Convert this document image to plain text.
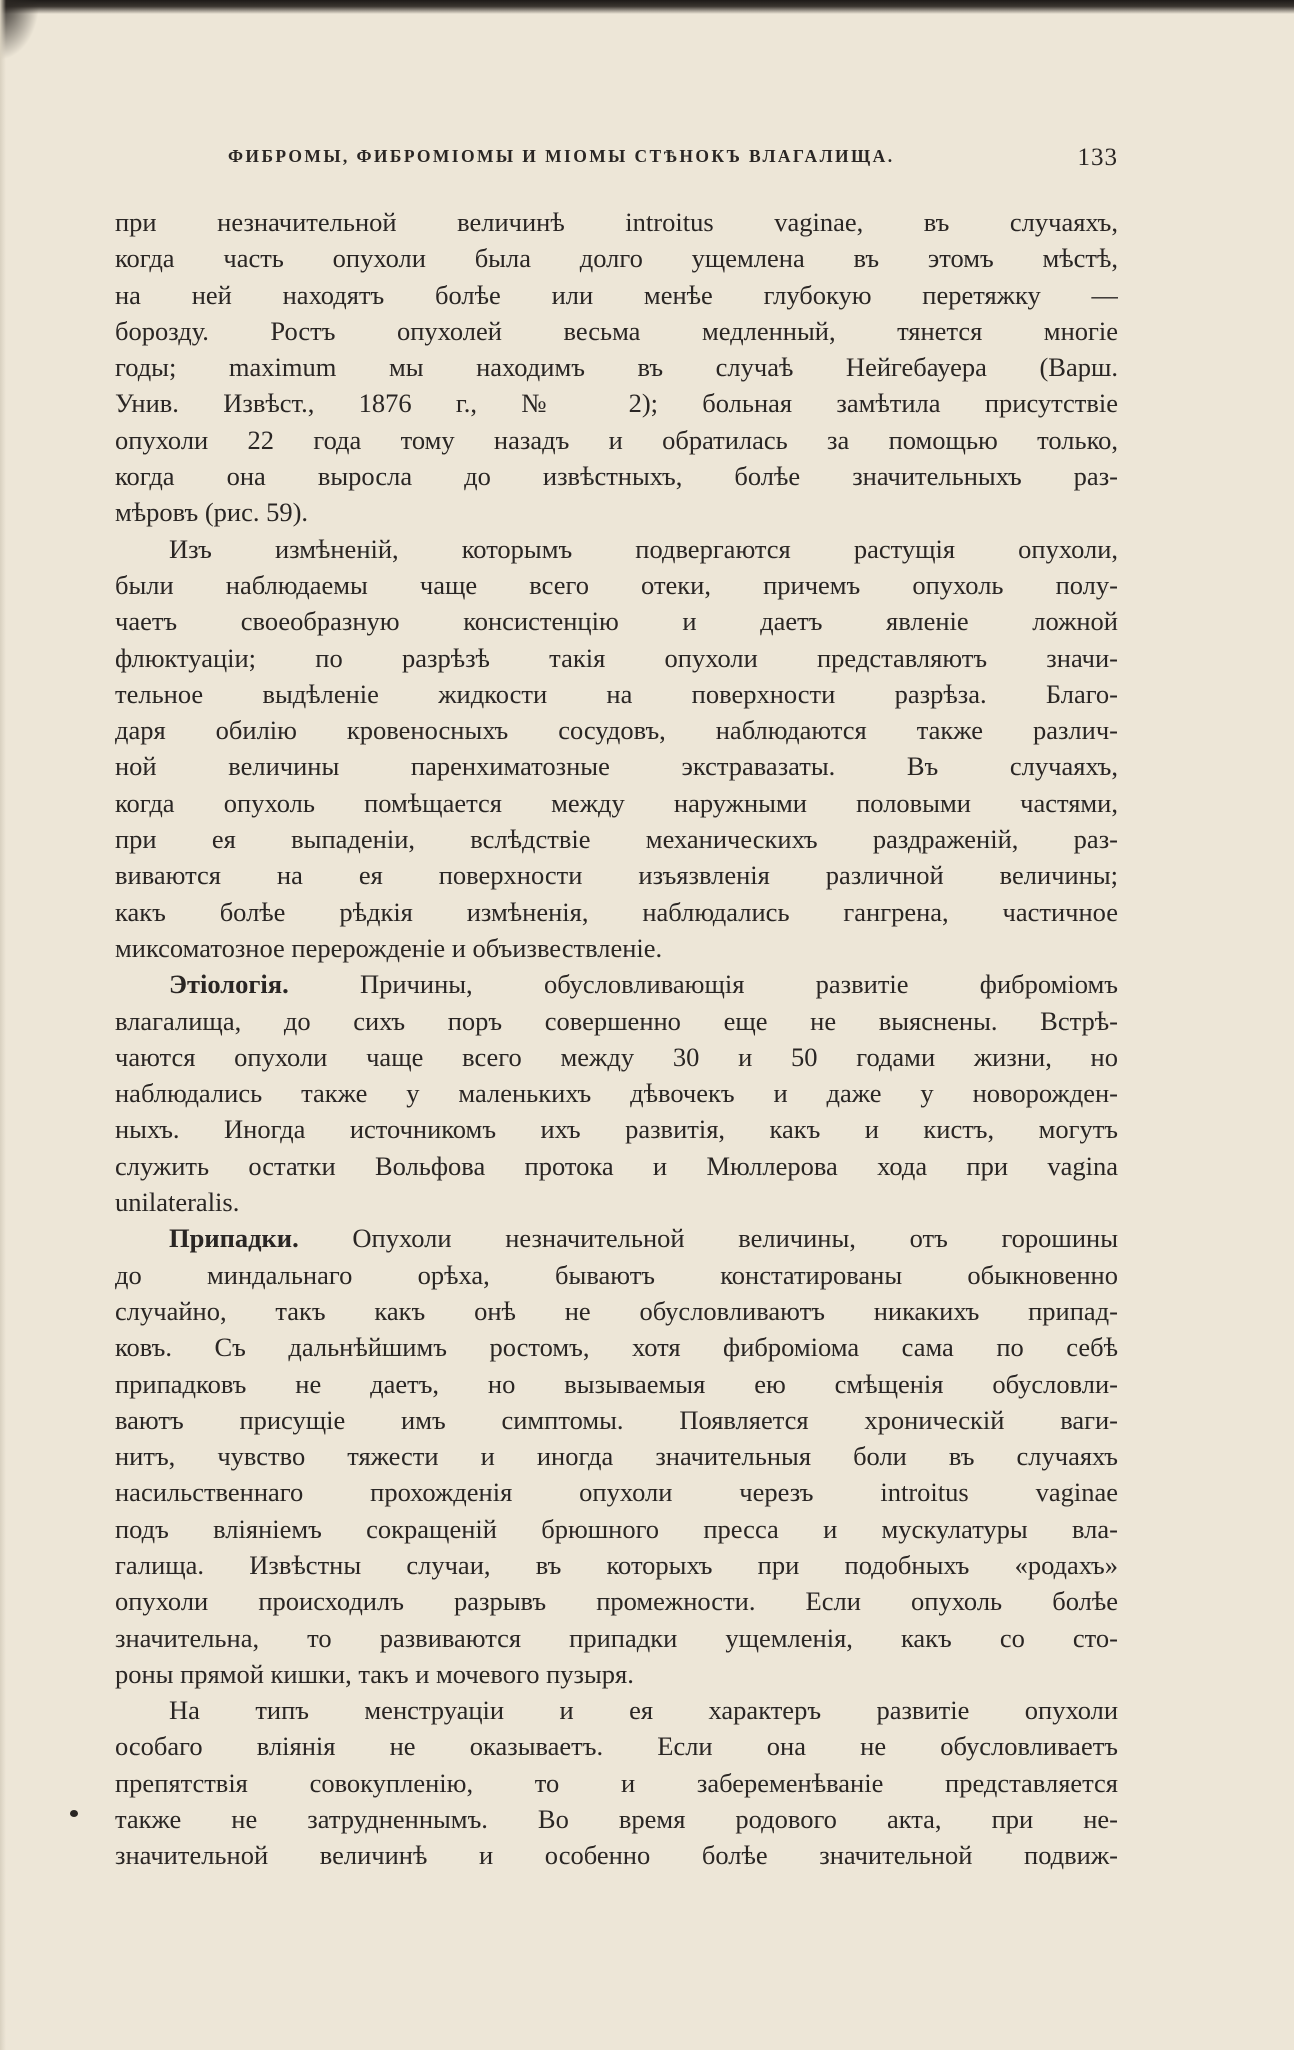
ФИБРОМЫ, ФИБРОМІОМЫ И МІОМЫ СТѢНОКЪ ВЛАГАЛИЩА.	133
при незначительной величинѣ introitus vaginae, въ случаяхъ,
когда часть опухоли была долго ущемлена въ этомъ мѣстѣ,
на ней находятъ болѣе или менѣе глубокую перетяжку —
борозду. Ростъ опухолей весьма медленный, тянется многіе
годы; maximum мы находимъ въ случаѣ Нейгебауера (Варш.
Унив. Извѣст., 1876 г., № 2); больная замѣтила присутствіе
опухоли 22 года тому назадъ и обратилась за помощью только,
когда она выросла до извѣстныхъ, болѣе значительныхъ раз-
мѣровъ (рис. 59).
Изъ измѣненій, которымъ подвергаются растущія опухоли,
были наблюдаемы чаще всего отеки, причемъ опухоль полу-
чаетъ своеобразную консистенцію и даетъ явленіе ложной
флюктуаціи; по разрѣзѣ такія опухоли представляютъ значи-
тельное выдѣленіе жидкости на поверхности разрѣза. Благо-
даря обилію кровеносныхъ сосудовъ, наблюдаются также различ-
ной величины паренхиматозные экстравазаты. Въ случаяхъ,
когда опухоль помѣщается между наружными половыми частями,
при ея выпаденіи, вслѣдствіе механическихъ раздраженій, раз-
виваются на ея поверхности изъязвленія различной величины;
какъ болѣе рѣдкія измѣненія, наблюдались гангрена, частичное
миксоматозное перерожденіе и объизвествленіе.
Этіологія. Причины, обусловливающія развитіе фиброміомъ
влагалища, до сихъ поръ совершенно еще не выяснены. Встрѣ-
чаются опухоли чаще всего между 30 и 50 годами жизни, но
наблюдались также у маленькихъ дѣвочекъ и даже у новорожден-
ныхъ. Иногда источникомъ ихъ развитія, какъ и кистъ, могутъ
служить остатки Вольфова протока и Мюллерова хода при vagina
unilateralis.
Припадки. Опухоли незначительной величины, отъ горошины
до миндальнаго орѣха, бываютъ констатированы обыкновенно
случайно, такъ какъ онѣ не обусловливаютъ никакихъ припад-
ковъ. Съ дальнѣйшимъ ростомъ, хотя фиброміома сама по себѣ
припадковъ не даетъ, но вызываемыя ею смѣщенія обусловли-
ваютъ присущіе имъ симптомы. Появляется хроническій ваги-
нитъ, чувство тяжести и иногда значительныя боли въ случаяхъ
насильственнаго прохожденія опухоли черезъ introitus vaginae
подъ вліяніемъ сокращеній брюшного пресса и мускулатуры вла-
галища. Извѣстны случаи, въ которыхъ при подобныхъ «родахъ»
опухоли происходилъ разрывъ промежности. Если опухоль болѣе
значительна, то развиваются припадки ущемленія, какъ со сто-
роны прямой кишки, такъ и мочевого пузыря.
На типъ менструаціи и ея характеръ развитіе опухоли
особаго вліянія не оказываетъ. Если она не обусловливаетъ
препятствія совокупленію, то и забеременѣваніе представляется
также не затрудненнымъ. Во время родового акта, при не-
значительной величинѣ и особенно болѣе значительной подвиж-
